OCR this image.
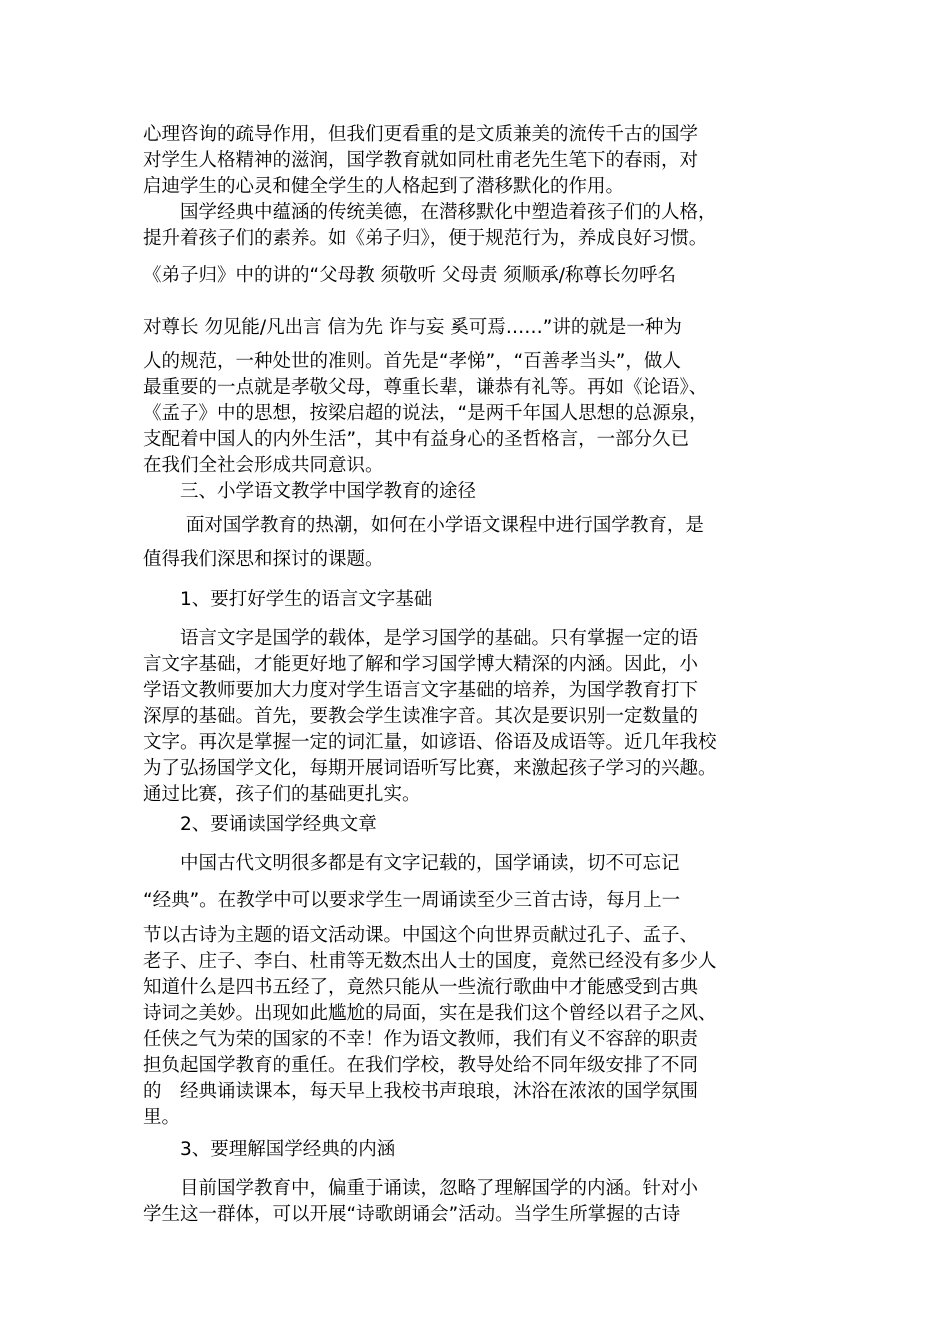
心理咨询的疏导作用，但我们更看重的是文质兼美的流传千古的国学

对学生人格精神的滋润，国学教育就如同杜甫老先生笔下的春雨，对

启迪学生的心灵和健全学生的人格起到了潜移默化的作用。

　　国学经典中蕴涵的传统美德，在潜移默化中塑造着孩子们的人格，

提升着孩子们的素养。如《弟子归》，便于规范行为，养成良好习惯。

《弟子归》中的讲的“父母教 须敬听 父母责 须顺承/称尊长勿呼名

对尊长 勿见能/凡出言 信为先 诈与妄 奚可焉……”讲的就是一种为

人的规范，一种处世的准则。首先是“孝悌”，“百善孝当头”，做人

最重要的一点就是孝敬父母，尊重长辈，谦恭有礼等。再如《论语》、

《孟子》中的思想，按梁启超的说法，“是两千年国人思想的总源泉，

支配着中国人的内外生活”，其中有益身心的圣哲格言，一部分久已

在我们全社会形成共同意识。

　　三、小学语文教学中国学教育的途径

　　 面对国学教育的热潮，如何在小学语文课程中进行国学教育，是

值得我们深思和探讨的课题。

　　1、要打好学生的语言文字基础

　　语言文字是国学的载体，是学习国学的基础。只有掌握一定的语

言文字基础，才能更好地了解和学习国学博大精深的内涵。因此，小

学语文教师要加大力度对学生语言文字基础的培养，为国学教育打下

深厚的基础。首先，要教会学生读准字音。其次是要识别一定数量的

文字。再次是掌握一定的词汇量，如谚语、俗语及成语等。近几年我校

为了弘扬国学文化，每期开展词语听写比赛，来激起孩子学习的兴趣。

通过比赛，孩子们的基础更扎实。

　　2、要诵读国学经典文章

　　中国古代文明很多都是有文字记载的，国学诵读，切不可忘记

“经典”。在教学中可以要求学生一周诵读至少三首古诗，每月上一

节以古诗为主题的语文活动课。中国这个向世界贡献过孔子、孟子、

老子、庄子、李白、杜甫等无数杰出人士的国度，竟然已经没有多少人

知道什么是四书五经了，竟然只能从一些流行歌曲中才能感受到古典

诗词之美妙。出现如此尴尬的局面，实在是我们这个曾经以君子之风、

任侠之气为荣的国家的不幸！作为语文教师，我们有义不容辞的职责

担负起国学教育的重任。在我们学校，教导处给不同年级安排了不同

的　经典诵读课本，每天早上我校书声琅琅，沐浴在浓浓的国学氛围

里。

　　3、要理解国学经典的内涵

　　目前国学教育中，偏重于诵读，忽略了理解国学的内涵。针对小

学生这一群体，可以开展“诗歌朗诵会”活动。当学生所掌握的古诗
